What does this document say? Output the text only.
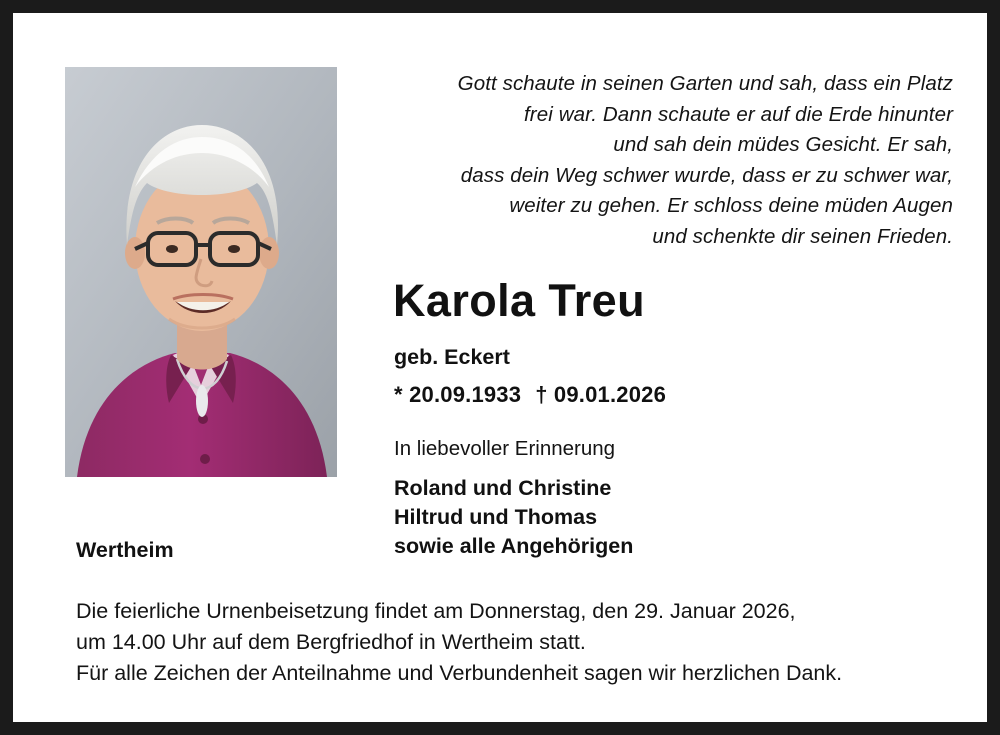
Gott schaute in seinen Garten und sah, dass ein Platz
frei war. Dann schaute er auf die Erde hinunter
und sah dein müdes Gesicht. Er sah,
dass dein Weg schwer wurde, dass er zu schwer war,
weiter zu gehen. Er schloss deine müden Augen
und schenkte dir seinen Frieden.
Karola Treu
geb. Eckert
* 20.09.1933 † 09.01.2026
In liebevoller Erinnerung
Roland und Christine
Hiltrud und Thomas
sowie alle Angehörigen
Wertheim
Die feierliche Urnenbeisetzung findet am Donnerstag, den 29. Januar 2026,
um 14.00 Uhr auf dem Bergfriedhof in Wertheim statt.
Für alle Zeichen der Anteilnahme und Verbundenheit sagen wir herzlichen Dank.
